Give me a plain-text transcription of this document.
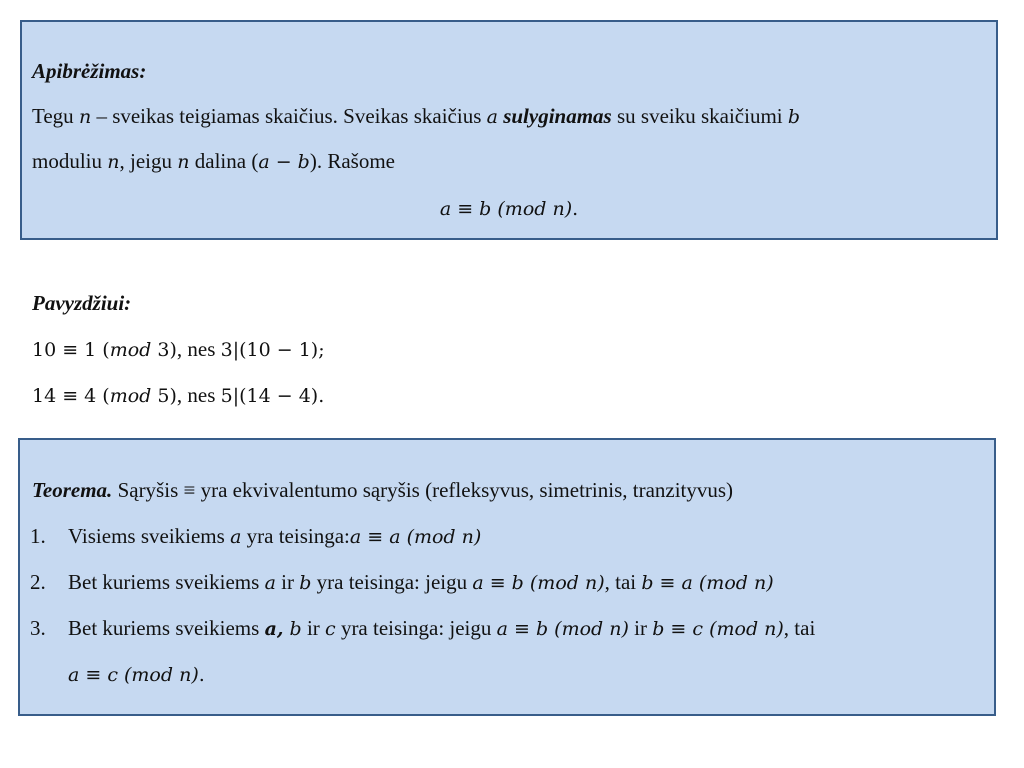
Apibrėžimas:
Tegu n – sveikas teigiamas skaičius. Sveikas skaičius a sulyginamas su sveiku skaičiumi b
moduliu n, jeigu n dalina (a − b). Rašome
a ≡ b (mod n).
Pavyzdžiui:
10 ≡ 1 (mod 3), nes 3|(10 − 1);
14 ≡ 4 (mod 5), nes 5|(14 − 4).
Teorema. Sąryšis ≡ yra ekvivalentumo sąryšis (refleksyvus, simetrinis, tranzityvus)
1. Visiems sveikiems a yra teisinga:a ≡ a (mod n)
2. Bet kuriems sveikiems a ir b yra teisinga: jeigu a ≡ b (mod n), tai b ≡ a (mod n)
3. Bet kuriems sveikiems a, b ir c yra teisinga: jeigu a ≡ b (mod n) ir b ≡ c (mod n), tai
a ≡ c (mod n).
